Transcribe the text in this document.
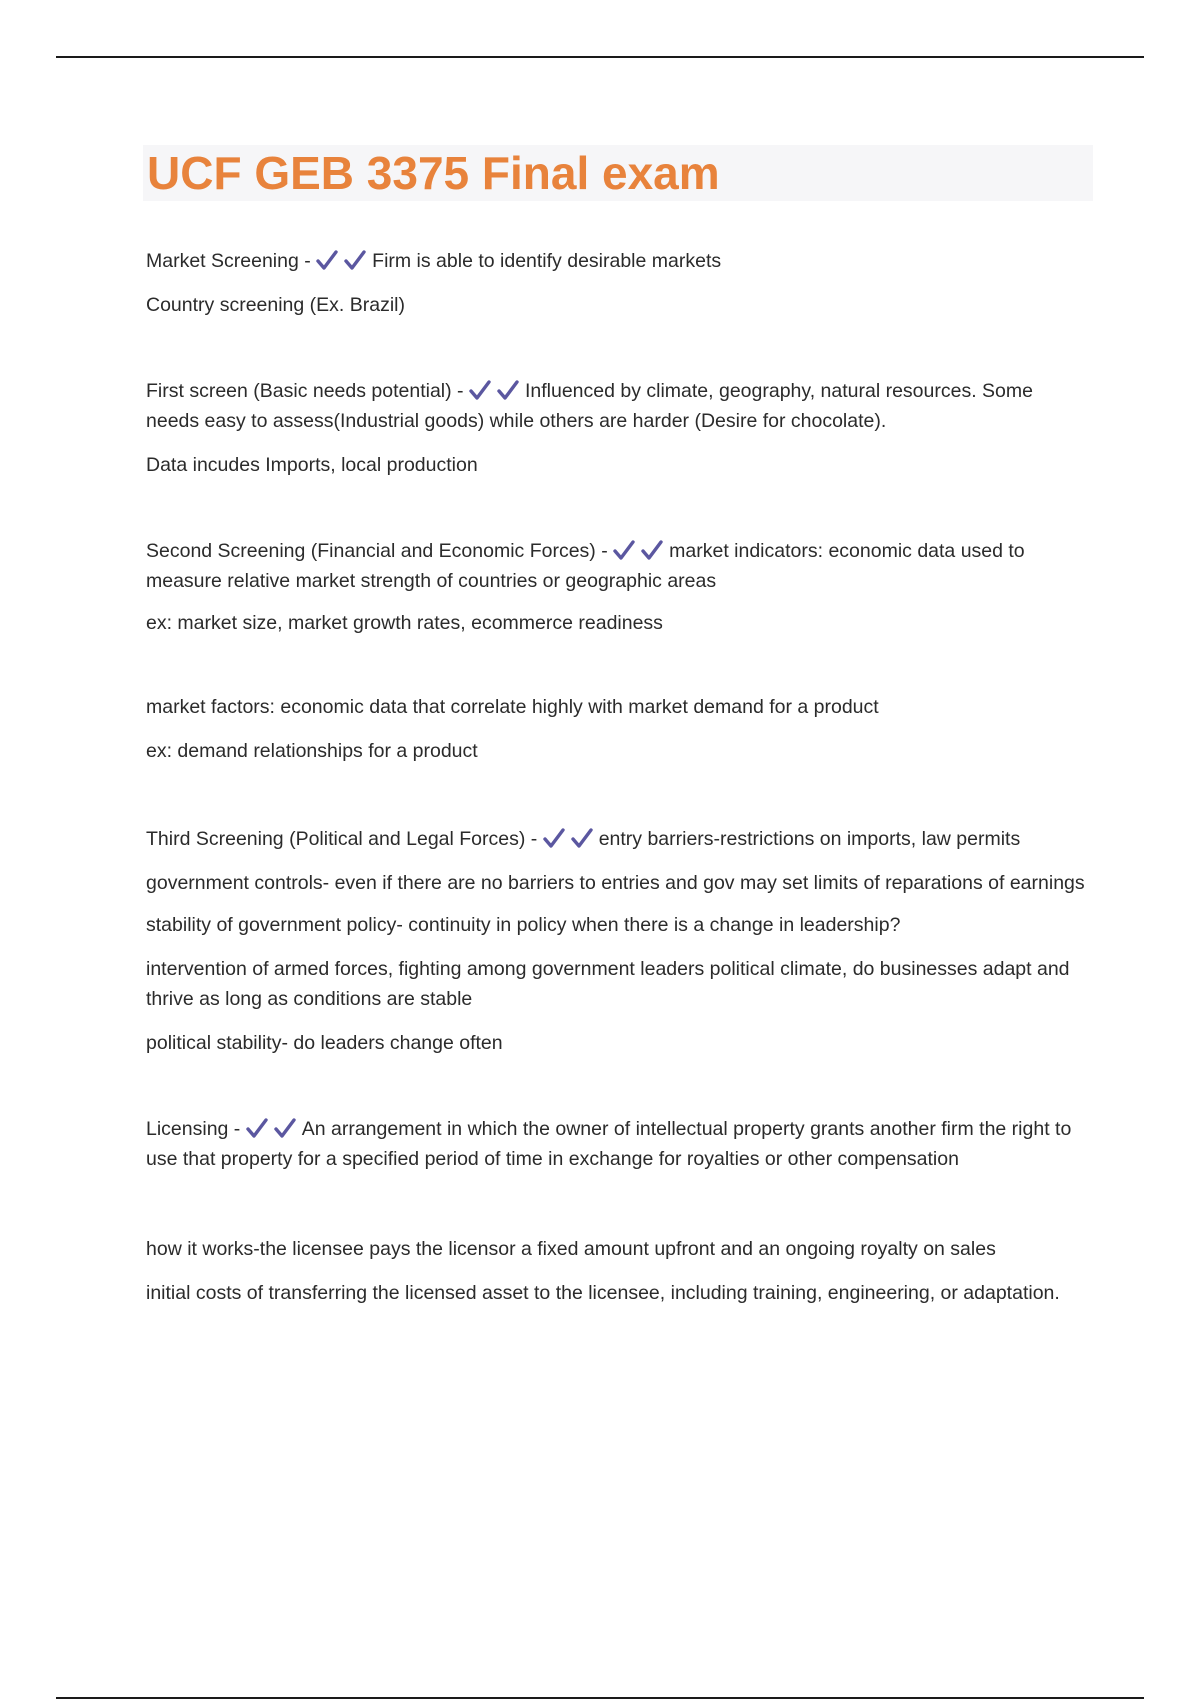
UCF GEB 3375 Final exam

Market Screening -	Firm is able to identify desirable markets

Country screening (Ex. Brazil)

First screen (Basic needs potential) -	Influenced by climate, geography, natural resources. Some needs easy to assess(Industrial goods) while others are harder (Desire for chocolate).

Data incudes Imports, local production

Second Screening (Financial and Economic Forces) -	market indicators: economic data used to measure relative market strength of countries or geographic areas

ex: market size, market growth rates, ecommerce readiness

market factors: economic data that correlate highly with market demand for a product

ex: demand relationships for a product

Third Screening (Political and Legal Forces) -	entry barriers-restrictions on imports, law permits

government controls- even if there are no barriers to entries and gov may set limits of reparations of earnings

stability of government policy- continuity in policy when there is a change in leadership?

intervention of armed forces, fighting among government leaders political climate, do businesses adapt and thrive as long as conditions are stable

political stability- do leaders change often

Licensing -	An arrangement in which the owner of intellectual property grants another firm the right to use that property for a specified period of time in exchange for royalties or other compensation

how it works-the licensee pays the licensor a fixed amount upfront and an ongoing royalty on sales

initial costs of transferring the licensed asset to the licensee, including training, engineering, or adaptation.
